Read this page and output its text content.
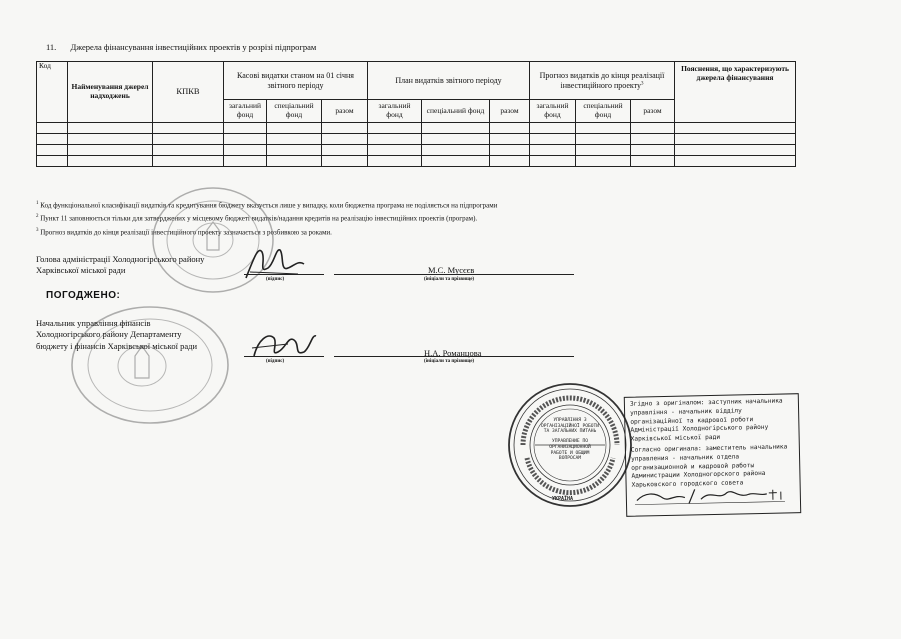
11. Джерела фінансування інвестиційних проектів у розрізі підпрограм
Код	Найменування джерел надходжень	КПКВ	Касові видатки станом на 01 січня звітного періоду			План видатків звітного періоду			Прогноз видатків до кінця реалізації інвестиційного проекту$^3$			Пояснення, що характеризують джерела фінансування
			загальний фонд	спеціальний фонд	разом	загальний фонд	спеціальний фонд	разом	загальний фонд	спеціальний фонд	разом	

$^1$ Код функціональної класифікації видатків та кредитування бюджету вказується лише у випадку, коли бюджетна програма не поділяється на підпрограми
$^2$ Пункт 11 заповнюється тільки для затверджених у місцевому бюджеті видатків/надання кредитів на реалізацію інвестиційних проектів (програм).
$^3$ Прогноз видатків до кінця реалізації інвестиційного проекту зазначається з розбивкою за роками.
Голова адміністрації Холодногірського району
Харківської міської ради
(підпис)
М.С. Мусєєв
(ініціали та прізвище)
ПОГОДЖЕНО:
Начальник управління фінансів
Холодногірського району Департаменту
бюджету і фінансів Харківської міської ради
(підпис)
Н.А. Романцова
(ініціали та прізвище)
УПРАВЛІННЯ З ОРГАНІЗАЦІЙНОЇ РОБОТИ ТА ЗАГАЛЬНИХ ПИТАНЬ
УПРАВЛЕНИЕ ПО ОРГАНИЗАЦИОННОЙ РАБОТЕ И ОБЩИМ ВОПРОСАМ
УКРАЇНА

Згідно з оригіналом: заступник начальника управління - начальник відділу організаційної та кадрової роботи Адміністрації Холодногірського району Харківської міської ради

Согласно оригинала: заместитель начальника управления - начальник отдела организационной и кадровой работы Администрации Холодногорского района Харьковского городского совета
